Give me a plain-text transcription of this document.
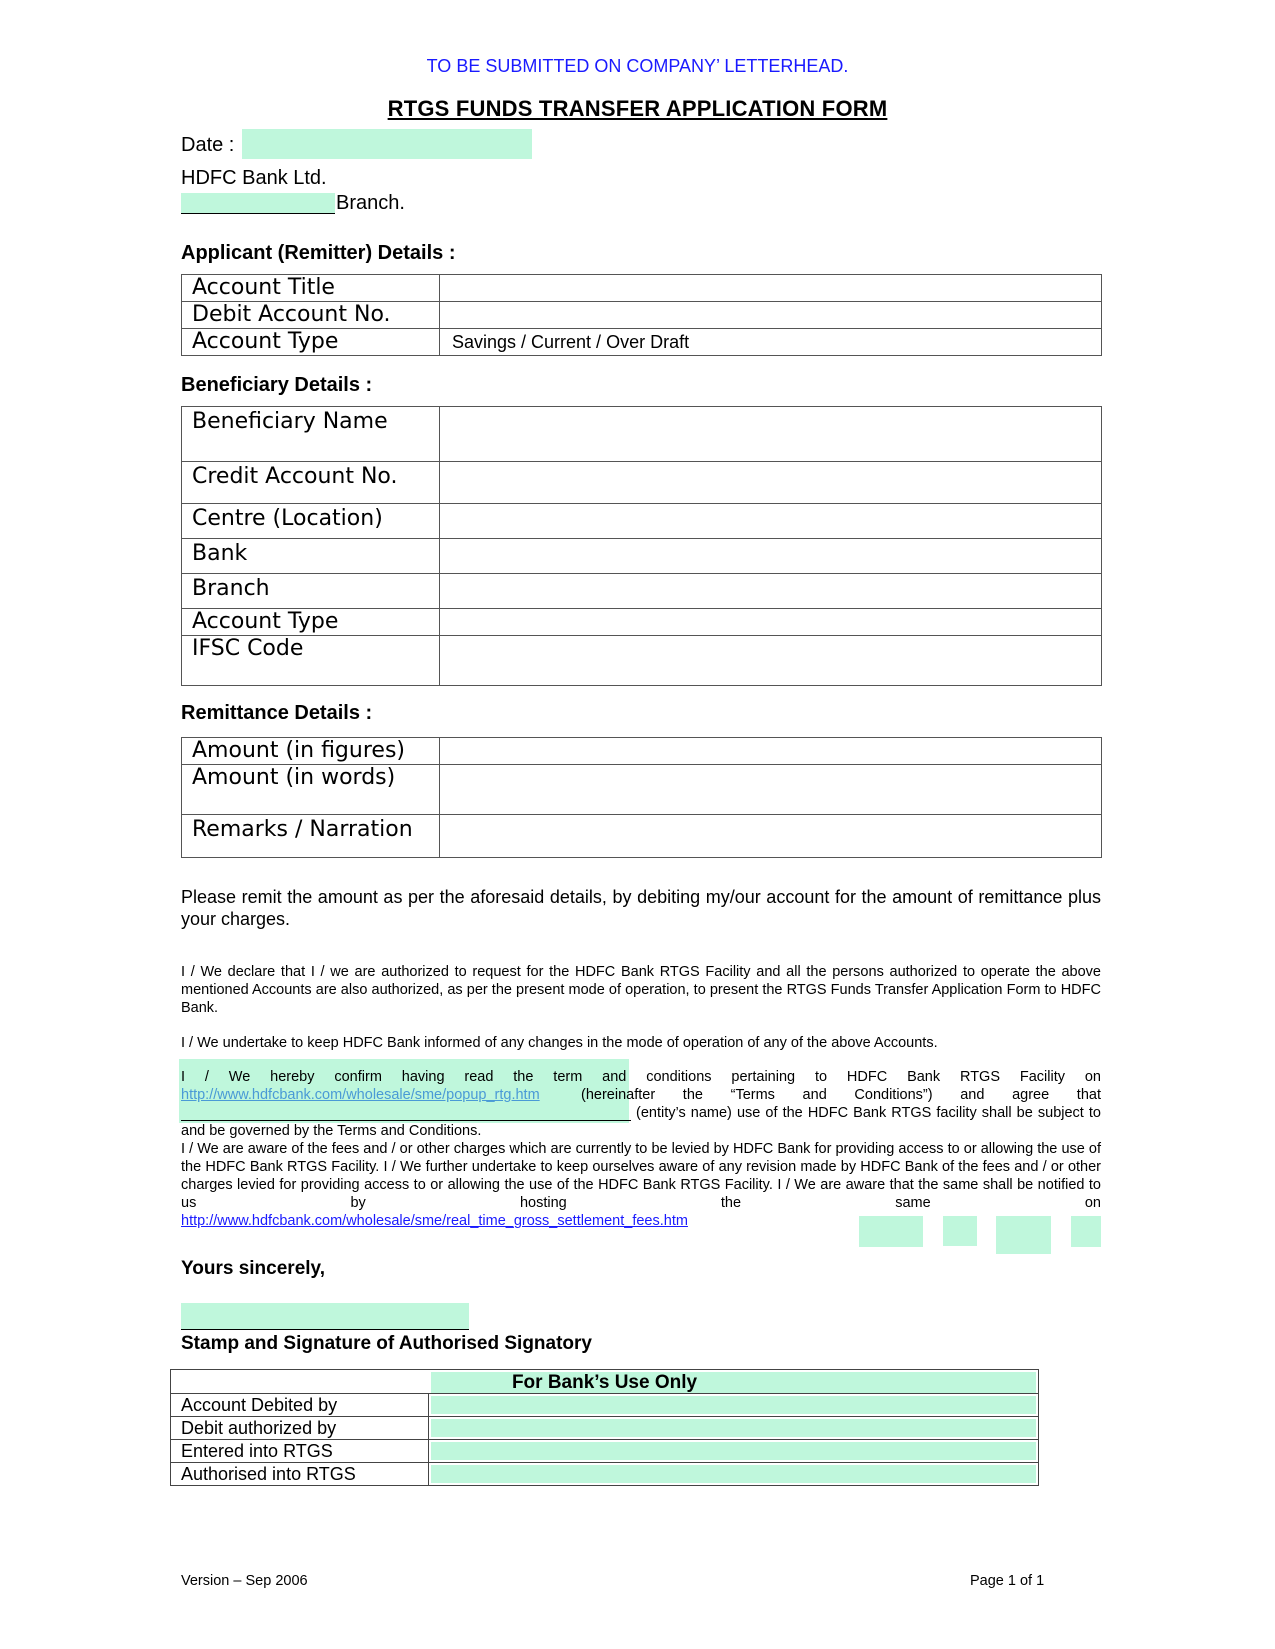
TO BE SUBMITTED ON COMPANY’ LETTERHEAD.
RTGS FUNDS TRANSFER APPLICATION FORM
Date :
HDFC Bank Ltd.
Branch.
Applicant (Remitter) Details :
Account Title	

Debit Account No.	

Account Type	Savings / Current / Over Draft
Beneficiary Details :
Beneficiary Name	

Credit Account No.	

Centre (Location)	

Bank	

Branch	

Account Type	

IFSC Code	
Remittance Details :
Amount (in figures)	

Amount (in words)	

Remarks / Narration	
Please remit the amount as per the aforesaid details, by debiting my/our account for the amount of remittance plus your charges.
I / We declare that I / we are authorized to request for the HDFC Bank RTGS Facility and all the persons authorized to operate the above mentioned Accounts are also authorized, as per the present mode of operation, to present the RTGS Funds Transfer Application Form to HDFC Bank.
I / We undertake to keep HDFC Bank informed of any changes in the mode of operation of any of the above Accounts.
I / We hereby confirm having read the term and conditions pertaining to HDFC Bank RTGS Facility on
http://www.hdfcbank.com/wholesale/sme/popup_rtg.htm	(hereinafter the “Terms and Conditions”) and agree that
(entity’s name) use of the HDFC Bank RTGS facility shall be subject to and be governed by the Terms and Conditions.
I / We are aware of the fees and / or other charges which are currently to be levied by HDFC Bank for providing access to or allowing the use of the HDFC Bank RTGS Facility. I / We further undertake to keep ourselves aware of any revision made by HDFC Bank of the fees and / or other charges levied for providing access to or allowing the use of the HDFC Bank RTGS Facility. I / We are aware that the same shall be notified to us by hosting the same on
http://www.hdfcbank.com/wholesale/sme/real_time_gross_settlement_fees.htm
Yours sincerely,
Stamp and Signature of Authorised Signatory
For Bank’s Use Only	

Account Debited by	

Debit authorized by	

Entered into RTGS	

Authorised into RTGS	
Version – Sep 2006	Page 1 of 1
